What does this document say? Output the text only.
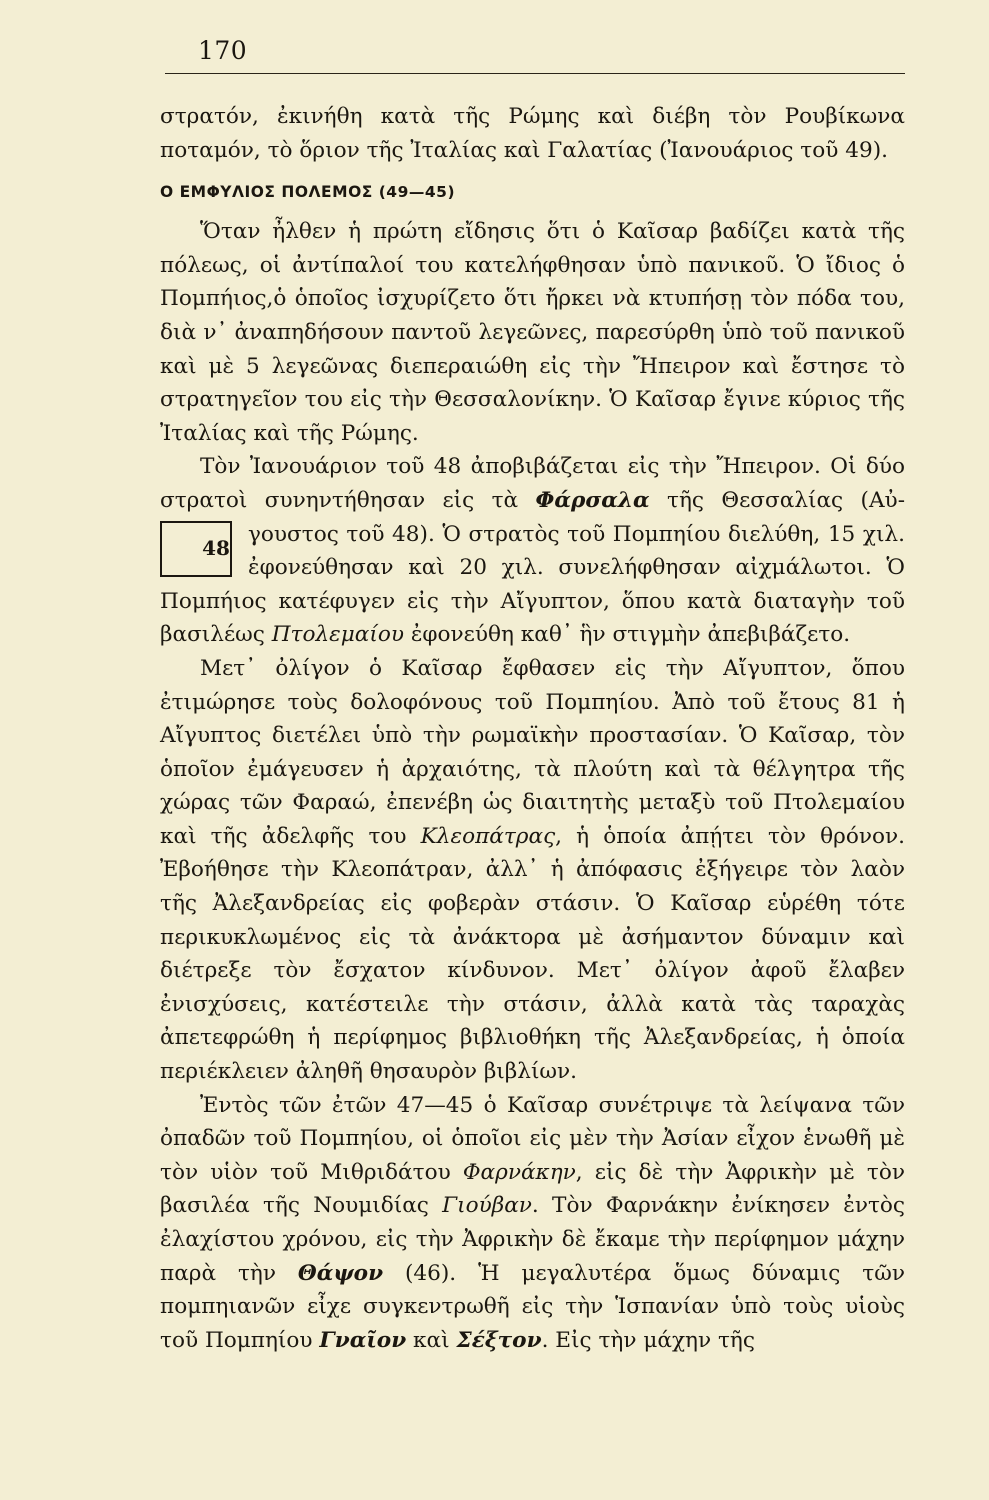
170

στρατόν, ἐκινήθη κατὰ τῆς Ρώμης καὶ διέβη τὸν Ρουβίκωνα ποταμόν, τὸ ὅριον τῆς Ἰταλίας καὶ Γαλατίας (Ἰανουάριος τοῦ 49).

Ο ΕΜΦΥΛΙΟΣ ΠΟΛΕΜΟΣ (49—45)

Ὅταν ἦλθεν ἡ πρώτη εἴδησις ὅτι ὁ Καῖσαρ βαδίζει κατὰ τῆς πόλεως, οἱ ἀντίπαλοί του κατελήφθησαν ὑπὸ πανικοῦ. Ὁ ἴδιος ὁ Πομπήιος,ὁ ὁποῖος ἰσχυρίζετο ὅτι ἤρκει νὰ κτυπήσῃ τὸν πόδα του, διὰ ν᾽ ἀναπηδήσουν παντοῦ λεγεῶνες, παρεσύρθη ὑπὸ τοῦ πανικοῦ καὶ μὲ 5 λεγεῶνας διεπεραιώθη εἰς τὴν Ἤπειρον καὶ ἔστησε τὸ στρατηγεῖον του εἰς τὴν Θεσσαλονίκην. Ὁ Καῖσαρ ἔγινε κύριος τῆς Ἰταλίας καὶ τῆς Ρώμης.

Τὸν Ἰανουάριον τοῦ 48 ἀποβιβάζεται εἰς τὴν Ἤπειρον. Οἱ δύο στρατοὶ συνηντήθησαν εἰς τὰ Φάρσαλα τῆς Θεσσαλίας (Αὐ-
48
γουστος τοῦ 48). Ὁ στρατὸς τοῦ Πομπηίου διελύθη, 15 χιλ. ἐφονεύθησαν καὶ 20 χιλ. συνελήφθησαν αἰχμάλωτοι. Ὁ Πομπήιος κατέφυγεν εἰς τὴν Αἴγυπτον, ὅπου κατὰ διαταγὴν τοῦ βασιλέως Πτολεμαίου ἐφονεύθη καθ᾽ ἣν στιγμὴν ἀπεβιβάζετο.

Μετ᾽ ὀλίγον ὁ Καῖσαρ ἔφθασεν εἰς τὴν Αἴγυπτον, ὅπου ἐτιμώρησε τοὺς δολοφόνους τοῦ Πομπηίου. Ἀπὸ τοῦ ἔτους 81 ἡ Αἴγυπτος διετέλει ὑπὸ τὴν ρωμαϊκὴν προστασίαν. Ὁ Καῖσαρ, τὸν ὁποῖον ἐμάγευσεν ἡ ἀρχαιότης, τὰ πλούτη καὶ τὰ θέλγητρα τῆς χώρας τῶν Φαραώ, ἐπενέβη ὡς διαιτητὴς μεταξὺ τοῦ Πτολεμαίου καὶ τῆς ἀδελφῆς του Κλεοπάτρας, ἡ ὁποία ἀπῄτει τὸν θρόνον. Ἐβοήθησε τὴν Κλεοπάτραν, ἀλλ᾽ ἡ ἀπόφασις ἐξήγειρε τὸν λαὸν τῆς Ἀλεξανδρείας εἰς φοβερὰν στάσιν. Ὁ Καῖσαρ εὑρέθη τότε περικυκλωμένος εἰς τὰ ἀνάκτορα μὲ ἀσήμαντον δύναμιν καὶ διέτρεξε τὸν ἔσχατον κίνδυνον. Μετ᾽ ὀλίγον ἀφοῦ ἔλαβεν ἐνισχύσεις, κατέστειλε τὴν στάσιν, ἀλλὰ κατὰ τὰς ταραχὰς ἀπετεφρώθη ἡ περίφημος βιβλιοθήκη τῆς Ἀλεξανδρείας, ἡ ὁποία περιέκλειεν ἀληθῆ θησαυρὸν βιβλίων.

Ἐντὸς τῶν ἐτῶν 47—45 ὁ Καῖσαρ συνέτριψε τὰ λείψανα τῶν ὀπαδῶν τοῦ Πομπηίου, οἱ ὁποῖοι εἰς μὲν τὴν Ἀσίαν εἶχον ἑνωθῆ μὲ τὸν υἱὸν τοῦ Μιθριδάτου Φαρνάκην, εἰς δὲ τὴν Ἀφρικὴν μὲ τὸν βασιλέα τῆς Νουμιδίας Γιούβαν. Τὸν Φαρνάκην ἐνίκησεν ἐντὸς ἐλαχίστου χρόνου, εἰς τὴν Ἀφρικὴν δὲ ἔκαμε τὴν περίφημον μάχην παρὰ τὴν Θάψον (46). Ἡ μεγαλυτέρα ὅμως δύναμις τῶν πομπηιανῶν εἶχε συγκεντρωθῆ εἰς τὴν Ἱσπανίαν ὑπὸ τοὺς υἱοὺς τοῦ Πομπηίου Γναῖον καὶ Σέξτον. Εἰς τὴν μάχην τῆς
